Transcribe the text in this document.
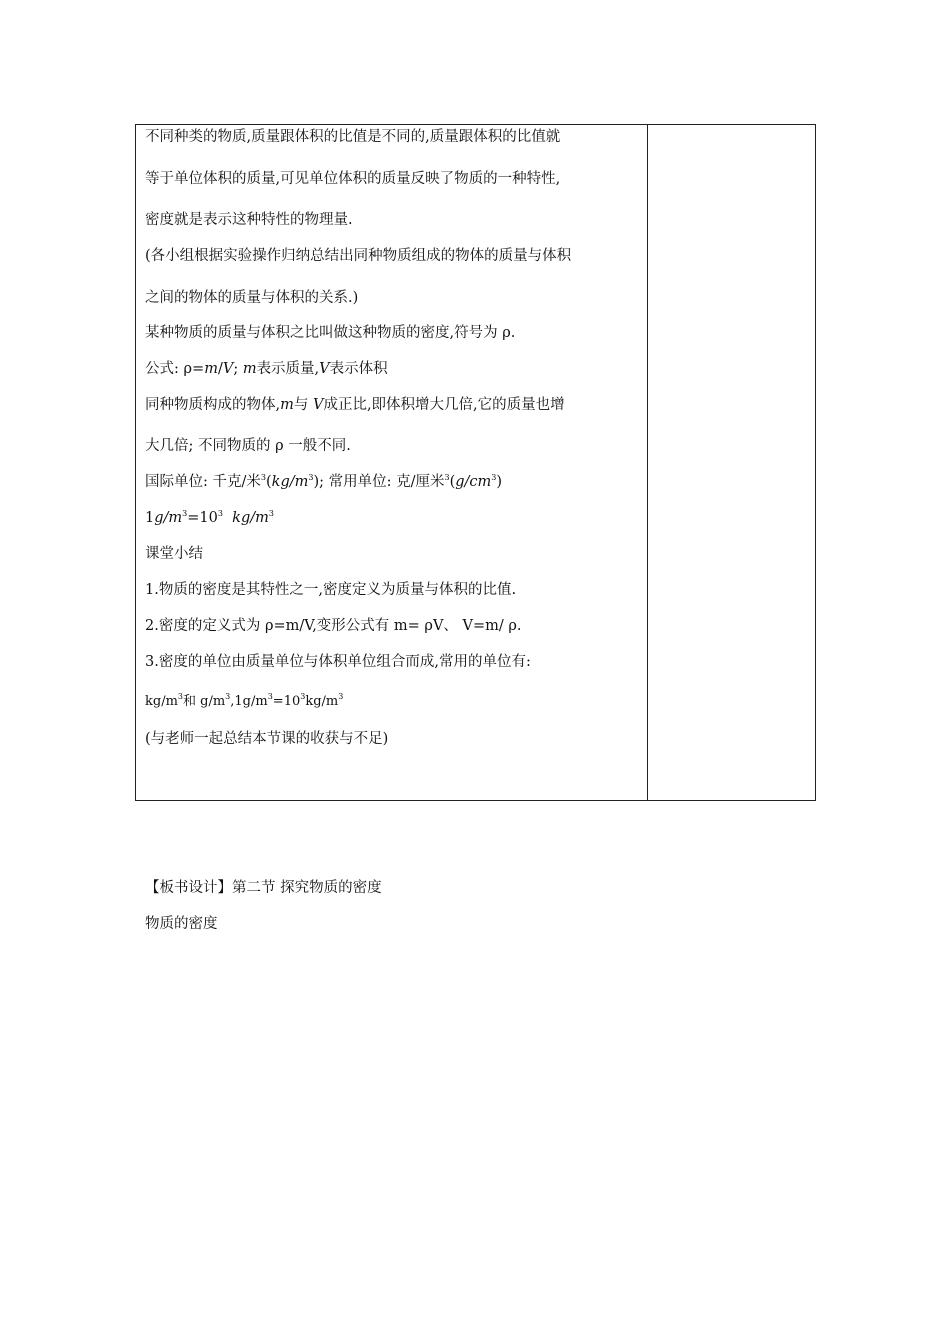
不同种类的物质,质量跟体积的比值是不同的,质量跟体积的比值就
等于单位体积的质量,可见单位体积的质量反映了物质的一种特性,
密度就是表示这种特性的物理量.
(各小组根据实验操作归纳总结出同种物质组成的物体的质量与体积
之间的物体的质量与体积的关系.)
某种物质的质量与体积之比叫做这种物质的密度,符号为 ρ.
公式: ρ=m/V; m表示质量,V表示体积
同种物质构成的物体,m与 V成正比,即体积增大几倍,它的质量也增
大几倍; 不同物质的 ρ 一般不同.
国际单位: 千克/米$^3(kg/m^3)$; 常用单位: 克/厘米$^3(g/cm^3)$
$1g/m^3=10^3$ $kg/m^3$
课堂小结
1.物质的密度是其特性之一,密度定义为质量与体积的比值.
2.密度的定义式为 ρ=m/V,变形公式有 m= ρV、 V=m/ ρ.
3.密度的单位由质量单位与体积单位组合而成,常用的单位有:
$kg/m^3$和 $g/m^3,1g/m^3=10^3kg/m^3$
(与老师一起总结本节课的收获与不足)
【板书设计】第二节 探究物质的密度
物质的密度
